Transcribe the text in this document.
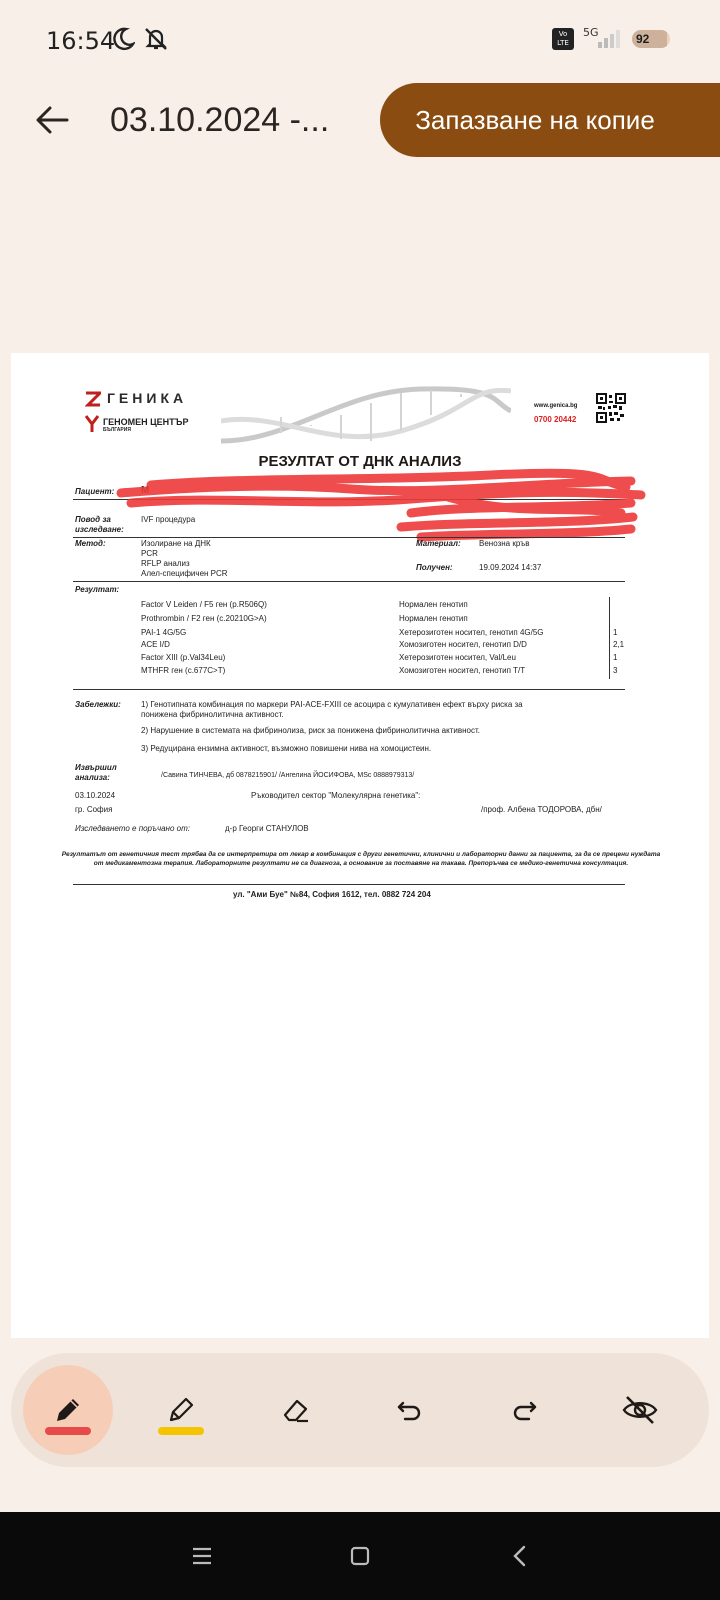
16:54	Vo LTE
5G	92
03.10.2024 -...	Запазване на копие
ГЕНИКА
ГЕНОМЕН ЦЕНТЪР
БЪЛГАРИЯ
www.genica.bg
0700 20442
РЕЗУЛТАТ ОТ ДНК АНАЛИЗ
Пациент:	М
Повод за изследване:
IVF процедура
Метод:	Изолиране на ДНК
PCR
RFLP анализ
Алел-специфичен PCR
Материал: Венозна кръв
Получен:	19.09.2024 14:37
Резултат:
Factor V Leiden / F5 ген (p.R506Q)	Нормален генотип
Prothrombin / F2 ген (c.20210G>A)	Нормален генотип
PAI-1 4G/5G	Хетерозиготен носител, генотип 4G/5G	1
ACE I/D	Хомозиготен носител, генотип D/D	2,1
Factor XIII (p.Val34Leu)	Хетерозиготен носител, Val/Leu	1
MTHFR ген (c.677C>T)	Хомозиготен носител, генотип Т/Т	3
Забележки:	1) Генотипната комбинация по маркери PAI-ACE-FXIII се асоцира с кумулативен ефект върху риска за
понижена фибринолитична активност.
2) Нарушение в системата на фибринолиза, риск за понижена фибринолитична активност.
3) Редуцирана ензимна активност, възможно повишени нива на хомоцистеин.
Извършил
анализа:	/Савина ТИНЧЕВА, дб 0878215901/ /Ангелина ЙОСИФОВА, MSc 0888979313/
03.10.2024	Ръководител сектор "Молекулярна генетика":
гр. София	/проф. Албена ТОДОРОВА, дбн/
Изследването е поръчано от:	д-р Георги СТАНУЛОВ
Резултатът от генетичния тест трябва да се интерпретира от лекар в комбинация с други генетични, клинични и лабораторни данни за пациента, за да се прецени нуждата от медикаментозна терапия. Лабораторните резултати не са диагноза, а основание за поставяне на такава. Препоръчва се медико-генетична консултация.
ул. "Ами Буе" №84, София 1612, тел. 0882 724 204
